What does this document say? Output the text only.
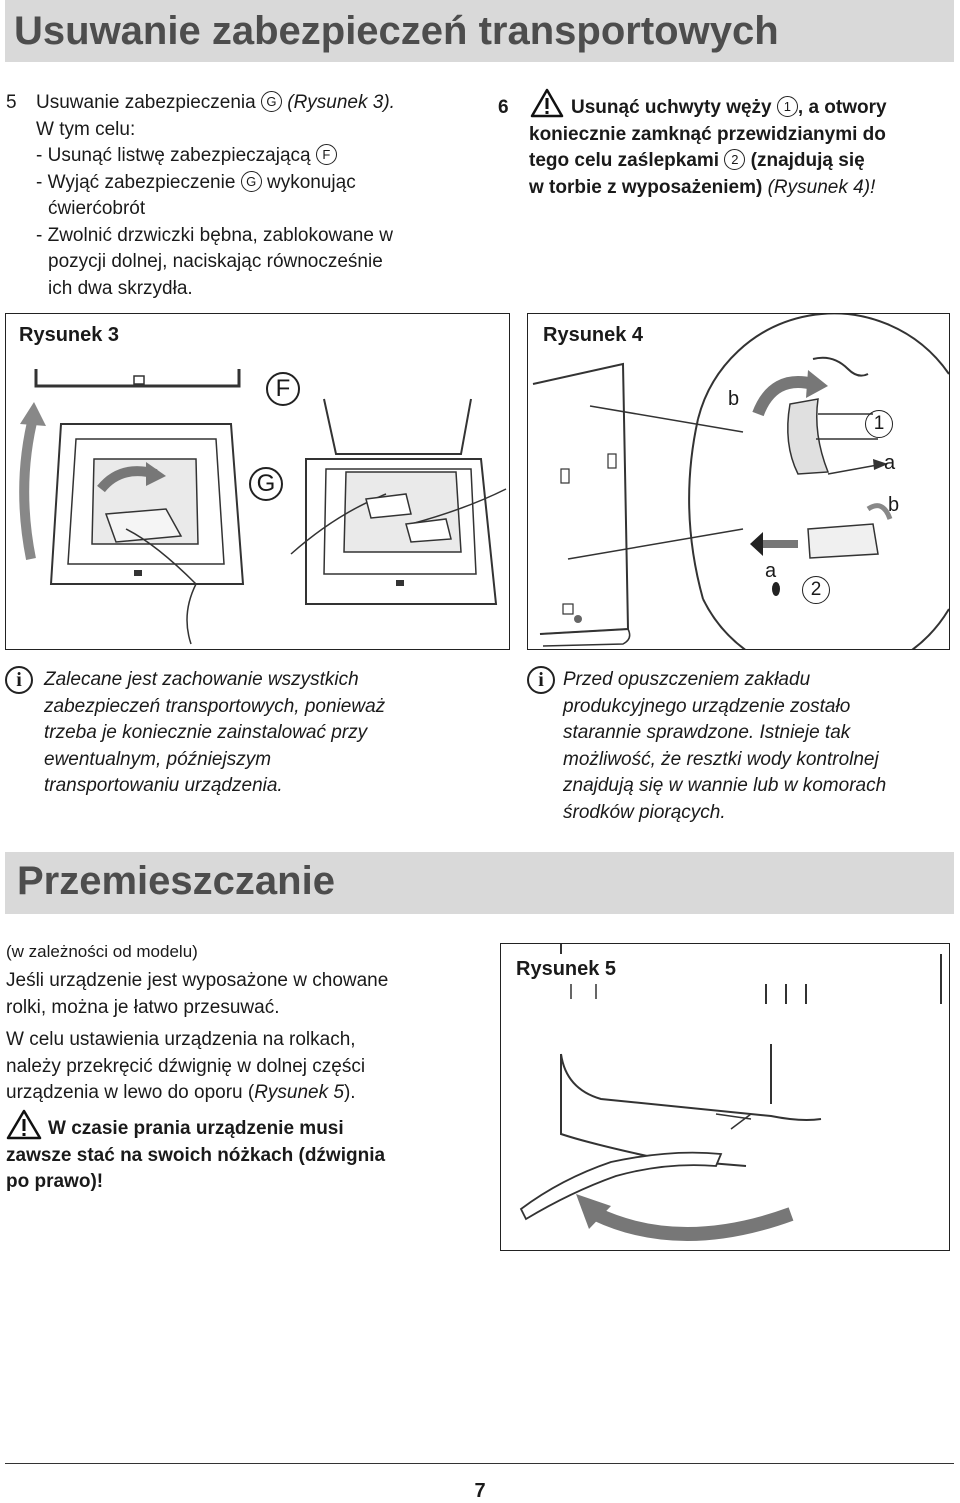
Usuwanie zabezpieczeń transportowych
5 Usuwanie zabezpieczenia G (Rysunek 3).
W tym celu:
- Usunąć listwę zabezpieczającą F
- Wyjąć zabezpieczenie G wykonując
ćwierćobrót
- Zwolnić drzwiczki bębna, zablokowane w
pozycji dolnej, naciskając równocześnie
ich dwa skrzydła.
6	Usunąć uchwyty węży 1 , a otwory
koniecznie zamknąć przewidzianymi do
tego celu zaślepkami 2 (znajdują się
w torbie z wyposażeniem) (Rysunek 4)!
Rysunek 3
F
G
Rysunek 4
1
a
b
b
a
2
i	Zalecane jest zachowanie wszystkich
zabezpieczeń transportowych, ponieważ
trzeba je koniecznie zainstalować przy
ewentualnym, późniejszym
transportowaniu urządzenia.
i	Przed opuszczeniem zakładu
produkcyjnego urządzenie zostało
starannie sprawdzone. Istnieje tak
możliwość, że resztki wody kontrolnej
znajdują się w wannie lub w komorach
środków piorących.
Przemieszczanie
(w zależności od modelu)
Jeśli urządzenie jest wyposażone w chowane
rolki, można je łatwo przesuwać.
W celu ustawienia urządzenia na rolkach,
należy przekręcić dźwignię w dolnej części
urządzenia w lewo do oporu (Rysunek 5).
W czasie prania urządzenie musi
zawsze stać na swoich nóżkach (dźwignia
po prawo)!
Rysunek 5
7
